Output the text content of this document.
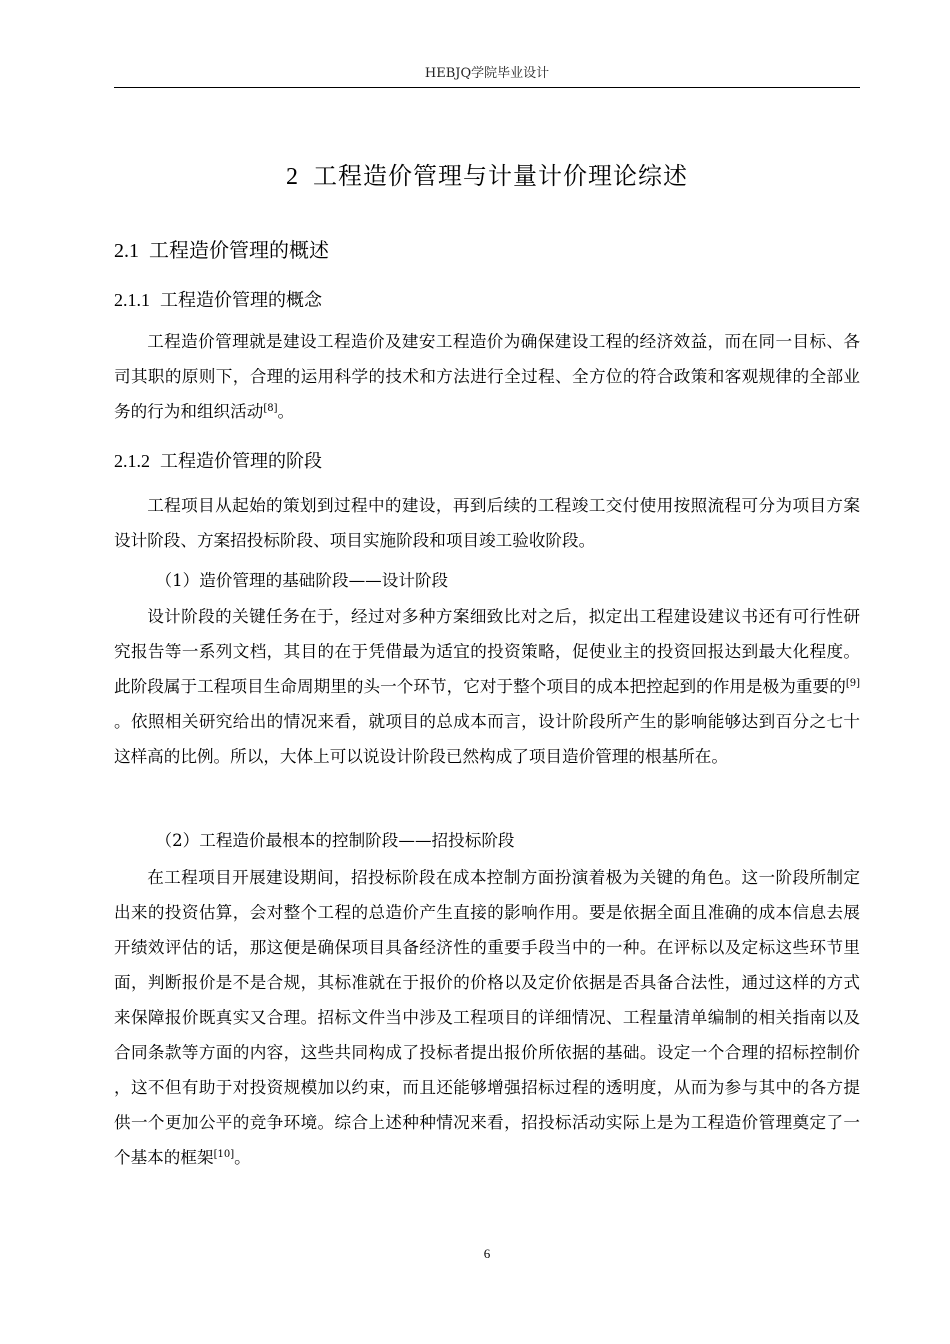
HEBJQ学院毕业设计
2 工程造价管理与计量计价理论综述
2.1 工程造价管理的概述
2.1.1 工程造价管理的概念

工程造价管理就是建设工程造价及建安工程造价为确保建设工程的经济效益，而在同一目标、各司其职的原则下，合理的运用科学的技术和方法进行全过程、全方位的符合政策和客观规律的全部业务的行为和组织活动[8]。

2.1.2 工程造价管理的阶段

工程项目从起始的策划到过程中的建设，再到后续的工程竣工交付使用按照流程可分为项目方案设计阶段、方案招投标阶段、项目实施阶段和项目竣工验收阶段。

（1）造价管理的基础阶段——设计阶段

设计阶段的关键任务在于，经过对多种方案细致比对之后，拟定出工程建设建议书还有可行性研究报告等一系列文档，其目的在于凭借最为适宜的投资策略，促使业主的投资回报达到最大化程度。此阶段属于工程项目生命周期里的头一个环节，它对于整个项目的成本把控起到的作用是极为重要的[9]。依照相关研究给出的情况来看，就项目的总成本而言，设计阶段所产生的影响能够达到百分之七十这样高的比例。所以，大体上可以说设计阶段已然构成了项目造价管理的根基所在。

（2）工程造价最根本的控制阶段——招投标阶段

在工程项目开展建设期间，招投标阶段在成本控制方面扮演着极为关键的角色。这一阶段所制定出来的投资估算，会对整个工程的总造价产生直接的影响作用。要是依据全面且准确的成本信息去展开绩效评估的话，那这便是确保项目具备经济性的重要手段当中的一种。在评标以及定标这些环节里面，判断报价是不是合规，其标准就在于报价的价格以及定价依据是否具备合法性，通过这样的方式来保障报价既真实又合理。招标文件当中涉及工程项目的详细情况、工程量清单编制的相关指南以及合同条款等方面的内容，这些共同构成了投标者提出报价所依据的基础。设定一个合理的招标控制价，这不但有助于对投资规模加以约束，而且还能够增强招标过程的透明度，从而为参与其中的各方提供一个更加公平的竞争环境。综合上述种种情况来看，招投标活动实际上是为工程造价管理奠定了一个基本的框架[10]。

6
